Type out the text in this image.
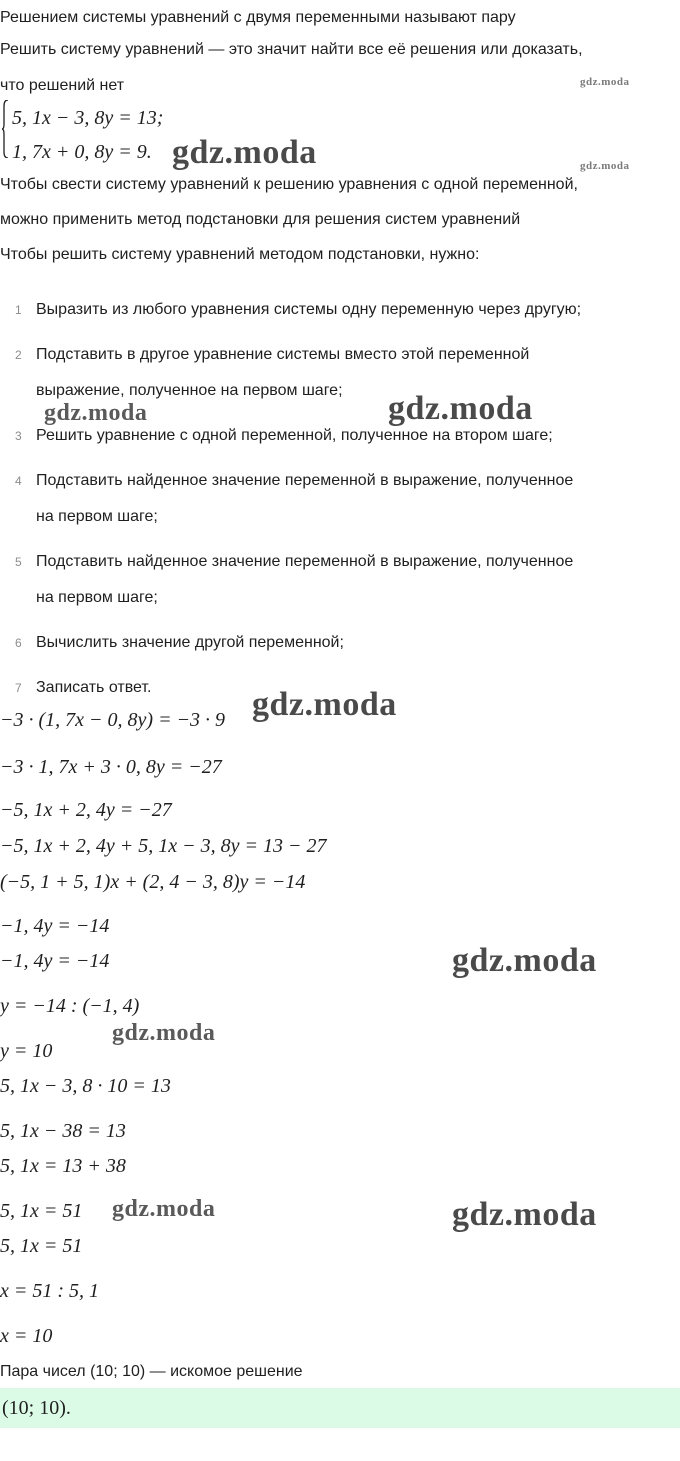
Решением системы уравнений с двумя переменными называют пару
Решить систему уравнений — это значит найти все её решения или доказать,
что решений нет
5, 1x − 3, 8y = 13;
1, 7x + 0, 8y = 9.
Чтобы свести систему уравнений к решению уравнения с одной переменной,
можно применить метод подстановки для решения систем уравнений
Чтобы решить систему уравнений методом подстановки, нужно:
1 Выразить из любого уравнения системы одну переменную через другую;
2 Подставить в другое уравнение системы вместо этой переменной
выражение, полученное на первом шаге;
3 Решить уравнение с одной переменной, полученное на втором шаге;
4 Подставить найденное значение переменной в выражение, полученное
на первом шаге;
5 Подставить найденное значение переменной в выражение, полученное
на первом шаге;
6 Вычислить значение другой переменной;
7 Записать ответ.
−3 · (1, 7x − 0, 8y) = −3 · 9
−3 · 1, 7x + 3 · 0, 8y = −27
−5, 1x + 2, 4y = −27
−5, 1x + 2, 4y + 5, 1x − 3, 8y = 13 − 27
(−5, 1 + 5, 1)x + (2, 4 − 3, 8)y = −14
−1, 4y = −14
−1, 4y = −14
y = −14 : (−1, 4)
y = 10
5, 1x − 3, 8 · 10 = 13
5, 1x − 38 = 13
5, 1x = 13 + 38
5, 1x = 51
5, 1x = 51
x = 51 : 5, 1
x = 10
Пара чисел (10; 10) — искомое решение
(10; 10).
gdz.moda
gdz.moda	gdz.moda
gdz.moda	gdz.moda
gdz.moda
gdz.moda
gdz.moda
gdz.moda	gdz.moda
